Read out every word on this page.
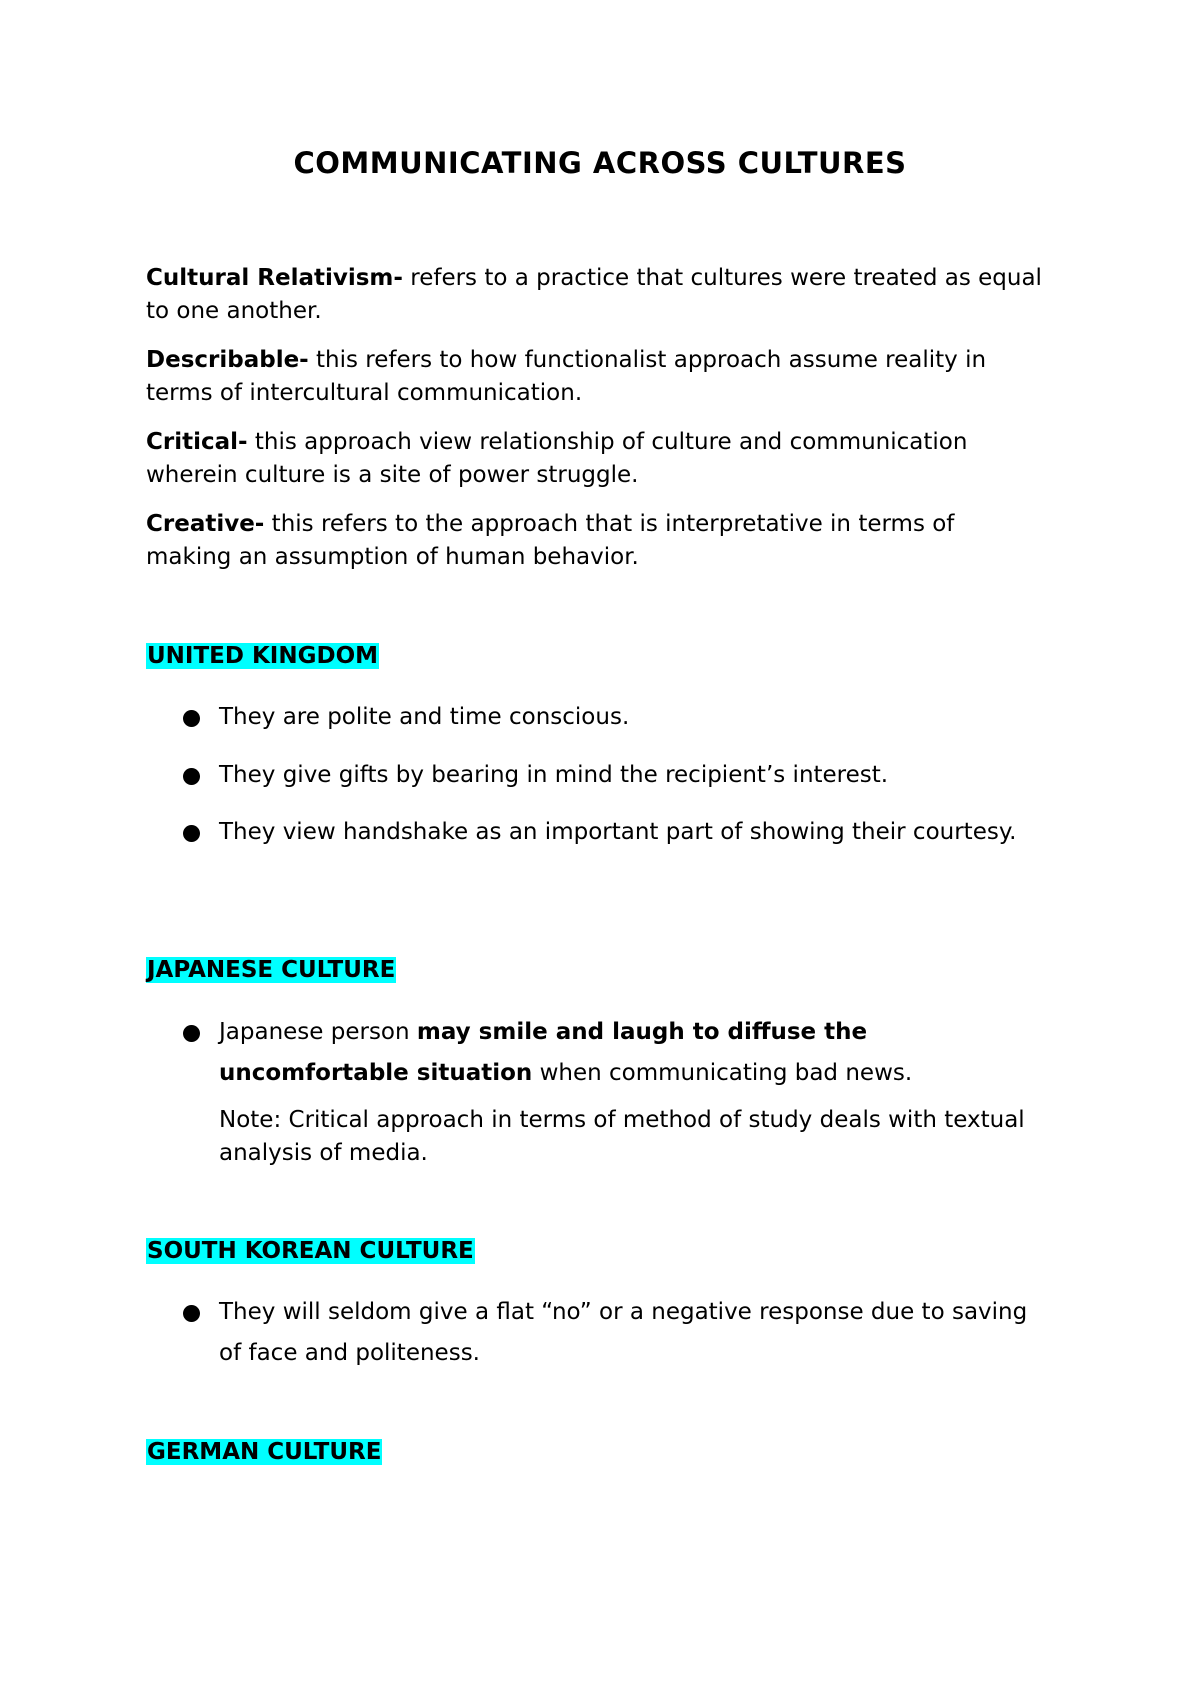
COMMUNICATING ACROSS CULTURES

Cultural Relativism- refers to a practice that cultures were treated as equal to one another.

Describable- this refers to how functionalist approach assume reality in terms of intercultural communication.

Critical- this approach view relationship of culture and communication wherein culture is a site of power struggle.

Creative- this refers to the approach that is interpretative in terms of making an assumption of human behavior.

UNITED KINGDOM
They are polite and time conscious.
They give gifts by bearing in mind the recipient’s interest.
They view handshake as an important part of showing their courtesy.
JAPANESE CULTURE
Japanese person may smile and laugh to diffuse the uncomfortable situation when communicating bad news.
Note: Critical approach in terms of method of study deals with textual analysis of media.
SOUTH KOREAN CULTURE
They will seldom give a flat “no” or a negative response due to saving of face and politeness.
GERMAN CULTURE
